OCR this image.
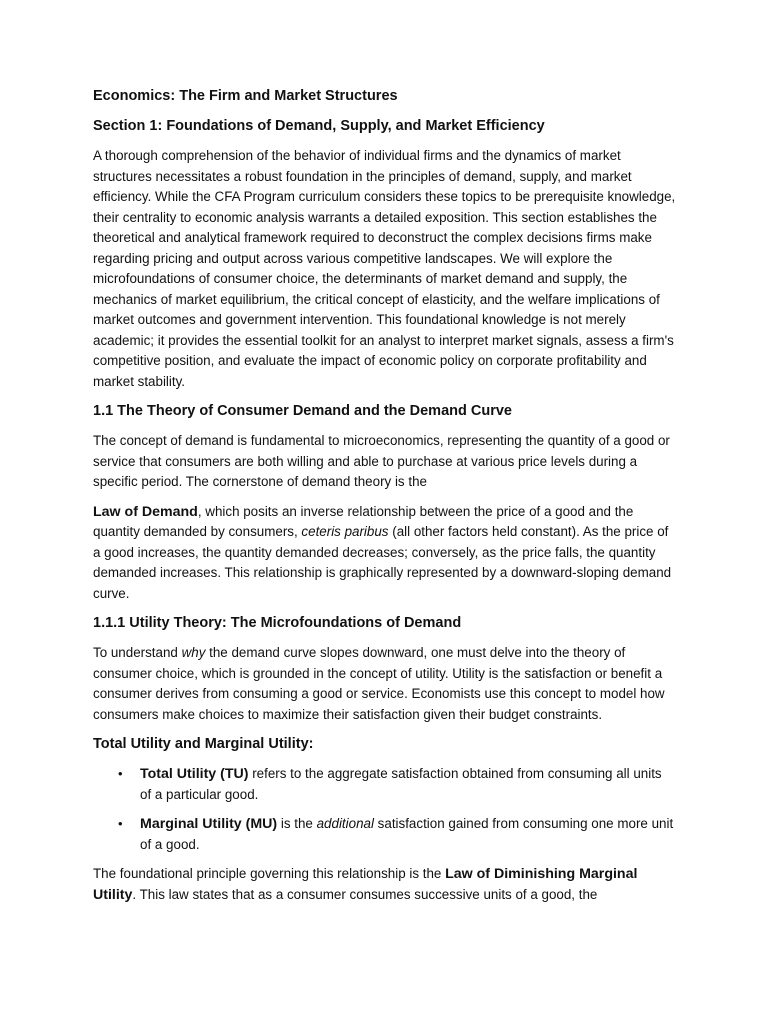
Economics: The Firm and Market Structures
Section 1: Foundations of Demand, Supply, and Market Efficiency

A thorough comprehension of the behavior of individual firms and the dynamics of market structures necessitates a robust foundation in the principles of demand, supply, and market efficiency. While the CFA Program curriculum considers these topics to be prerequisite knowledge, their centrality to economic analysis warrants a detailed exposition. This section establishes the theoretical and analytical framework required to deconstruct the complex decisions firms make regarding pricing and output across various competitive landscapes. We will explore the microfoundations of consumer choice, the determinants of market demand and supply, the mechanics of market equilibrium, the critical concept of elasticity, and the welfare implications of market outcomes and government intervention. This foundational knowledge is not merely academic; it provides the essential toolkit for an analyst to interpret market signals, assess a firm's competitive position, and evaluate the impact of economic policy on corporate profitability and market stability.

1.1 The Theory of Consumer Demand and the Demand Curve

The concept of demand is fundamental to microeconomics, representing the quantity of a good or service that consumers are both willing and able to purchase at various price levels during a specific period. The cornerstone of demand theory is the

Law of Demand, which posits an inverse relationship between the price of a good and the quantity demanded by consumers, ceteris paribus (all other factors held constant). As the price of a good increases, the quantity demanded decreases; conversely, as the price falls, the quantity demanded increases. This relationship is graphically represented by a downward-sloping demand curve.

1.1.1 Utility Theory: The Microfoundations of Demand

To understand why the demand curve slopes downward, one must delve into the theory of consumer choice, which is grounded in the concept of utility. Utility is the satisfaction or benefit a consumer derives from consuming a good or service. Economists use this concept to model how consumers make choices to maximize their satisfaction given their budget constraints.

Total Utility and Marginal Utility:
• Total Utility (TU) refers to the aggregate satisfaction obtained from consuming all units of a particular good.
• Marginal Utility (MU) is the additional satisfaction gained from consuming one more unit of a good.

The foundational principle governing this relationship is the Law of Diminishing Marginal Utility. This law states that as a consumer consumes successive units of a good, the
